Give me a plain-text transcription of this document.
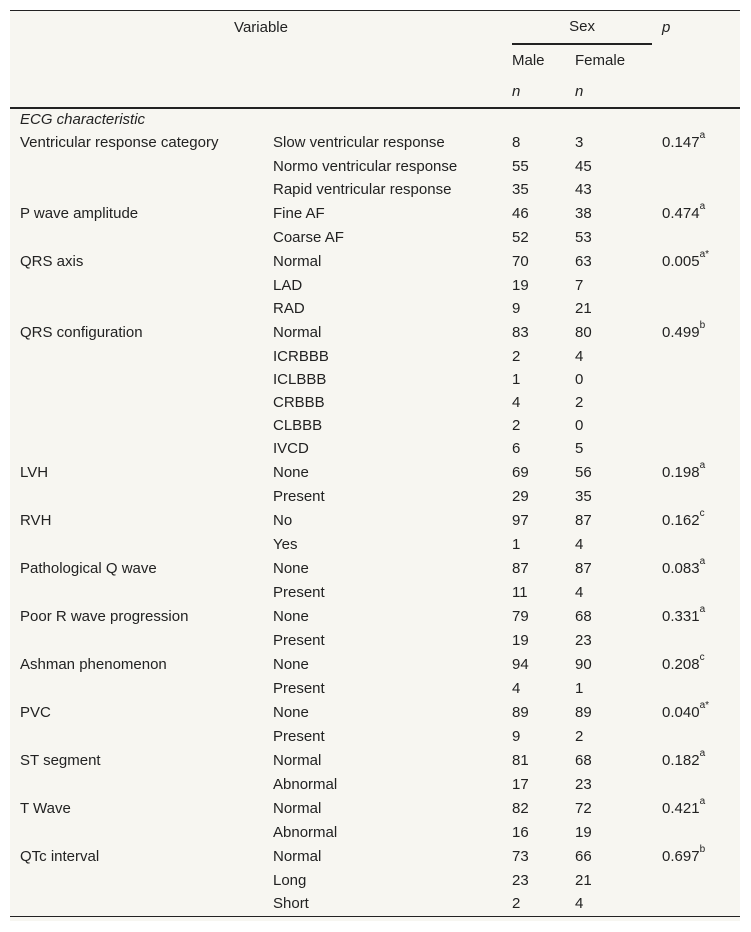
Variable		Sex		p
		Male	Female	
		n	n	
ECG characteristic				
Ventricular response category	Slow ventricular response	8	3	0.147$^a$
	Normo ventricular response	55	45	
	Rapid ventricular response	35	43	
P wave amplitude	Fine AF	46	38	0.474$^a$
	Coarse AF	52	53	
QRS axis	Normal	70	63	$0.005^{a*}$
	LAD	19	7	
	RAD	9	21	
QRS configuration	Normal	83	80	0.499$^b$
	ICRBBB	2	4	
	ICLBBB	1	0	
	CRBBB	4	2	
	CLBBB	2	0	
	IVCD	6	5	
LVH	None	69	56	0.198$^a$
	Present	29	35	
RVH	No	97	87	0.162$^c$
	Yes	1	4	
Pathological Q wave	None	87	87	0.083$^a$
	Present	11	4	
Poor R wave progression	None	79	68	0.331$^a$
	Present	19	23	
Ashman phenomenon	None	94	90	0.208$^c$
	Present	4	1	
PVC	None	89	89	$0.040^{a*}$
	Present	9	2	
ST segment	Normal	81	68	0.182$^a$
	Abnormal	17	23	
T Wave	Normal	82	72	0.421$^a$
	Abnormal	16	19	
QTc interval	Normal	73	66	0.697$^b$
	Long	23	21	
	Short	2	4	
